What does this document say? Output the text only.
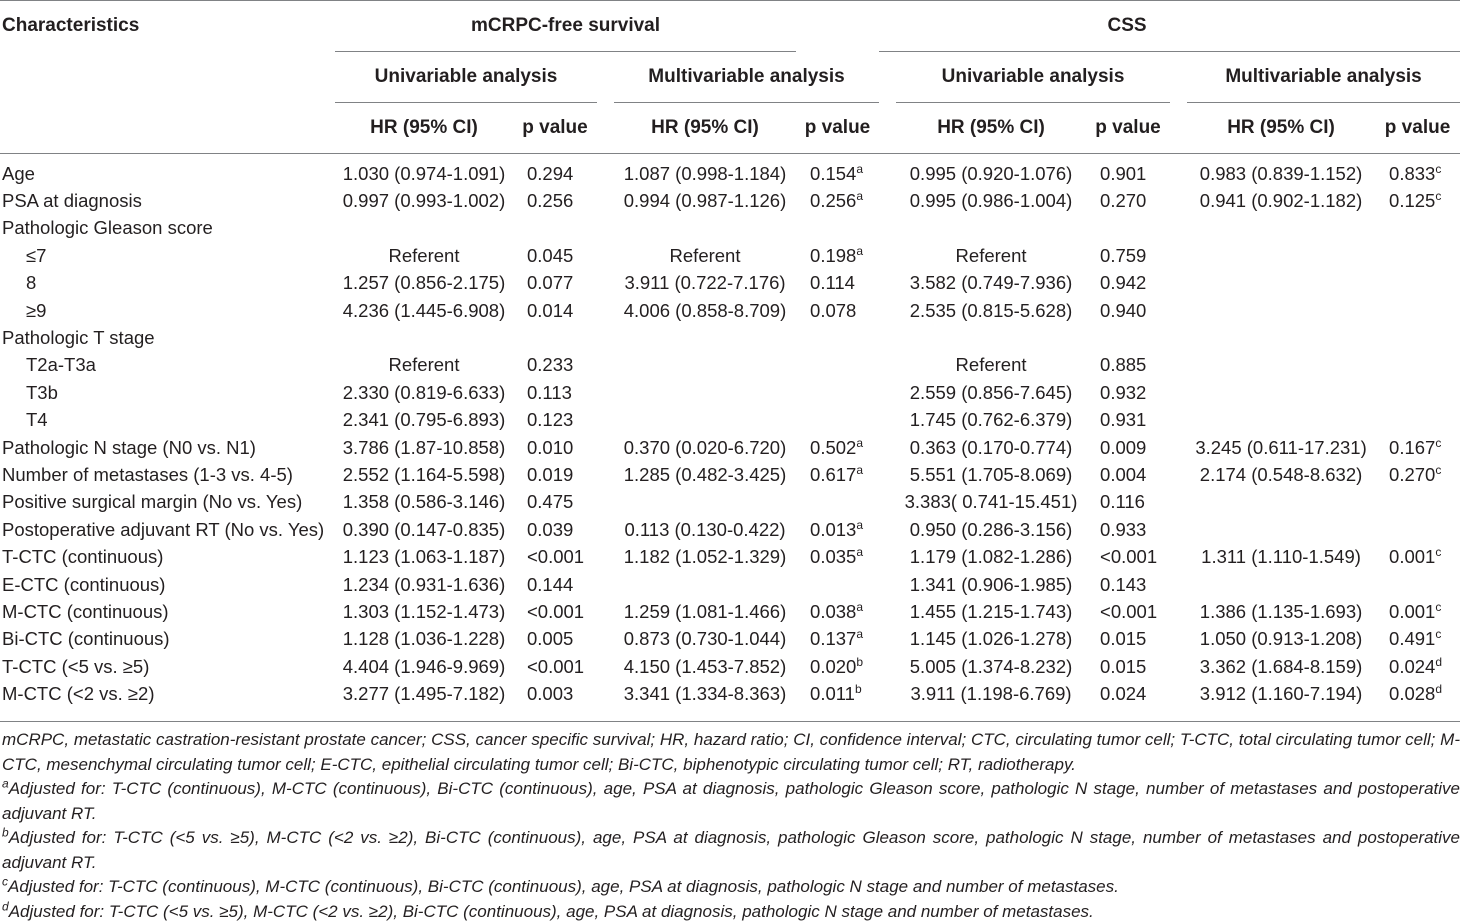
Characteristics		mCRPC-free survival					CSS					
		Univariable analysis			Multivariable analysis			Univariable analysis			Multivariable analysis	
		HR (95% CI)	p value		HR (95% CI)	p value		HR (95% CI)	p value		HR (95% CI)	p value
Age		1.030 (0.974-1.091)	0.294		1.087 (0.998-1.184)	0.154$^a$		0.995 (0.920-1.076)	0.901		0.983 (0.839-1.152)	0.833$^c$
PSA at diagnosis		0.997 (0.993-1.002)	0.256		0.994 (0.987-1.126)	0.256$^a$		0.995 (0.986-1.004)	0.270		0.941 (0.902-1.182)	0.125$^c$
Pathologic Gleason score												
≤7		Referent	0.045		Referent	0.198$^a$		Referent	0.759			
8		1.257 (0.856-2.175)	0.077		3.911 (0.722-7.176)	0.114		3.582 (0.749-7.936)	0.942			
≥9		4.236 (1.445-6.908)	0.014		4.006 (0.858-8.709)	0.078		2.535 (0.815-5.628)	0.940			
Pathologic T stage												
T2a-T3a		Referent	0.233					Referent	0.885			
T3b		2.330 (0.819-6.633)	0.113					2.559 (0.856-7.645)	0.932			
T4		2.341 (0.795-6.893)	0.123					1.745 (0.762-6.379)	0.931			
Pathologic N stage (N0 vs. N1)		3.786 (1.87-10.858)	0.010		0.370 (0.020-6.720)	0.502$^a$		0.363 (0.170-0.774)	0.009		3.245 (0.611-17.231)	0.167$^c$
Number of metastases (1-3 vs. 4-5)		2.552 (1.164-5.598)	0.019		1.285 (0.482-3.425)	0.617$^a$		5.551 (1.705-8.069)	0.004		2.174 (0.548-8.632)	0.270$^c$
Positive surgical margin (No vs. Yes)		1.358 (0.586-3.146)	0.475					3.383( 0.741-15.451)	0.116			
Postoperative adjuvant RT (No vs. Yes)		0.390 (0.147-0.835)	0.039		0.113 (0.130-0.422)	0.013$^a$		0.950 (0.286-3.156)	0.933			
T-CTC (continuous)		1.123 (1.063-1.187)	<0.001		1.182 (1.052-1.329)	0.035$^a$		1.179 (1.082-1.286)	<0.001		1.311 (1.110-1.549)	0.001$^c$
E-CTC (continuous)		1.234 (0.931-1.636)	0.144					1.341 (0.906-1.985)	0.143			
M-CTC (continuous)		1.303 (1.152-1.473)	<0.001		1.259 (1.081-1.466)	0.038$^a$		1.455 (1.215-1.743)	<0.001		1.386 (1.135-1.693)	0.001$^c$
Bi-CTC (continuous)		1.128 (1.036-1.228)	0.005		0.873 (0.730-1.044)	0.137$^a$		1.145 (1.026-1.278)	0.015		1.050 (0.913-1.208)	0.491$^c$
T-CTC (<5 vs. ≥5)		4.404 (1.946-9.969)	<0.001		4.150 (1.453-7.852)	0.020$^b$		5.005 (1.374-8.232)	0.015		3.362 (1.684-8.159)	0.024$^d$
M-CTC (<2 vs. ≥2)		3.277 (1.495-7.182)	0.003		3.341 (1.334-8.363)	0.011$^b$		3.911 (1.198-6.769)	0.024		3.912 (1.160-7.194)	0.028$^d$

mCRPC, metastatic castration-resistant prostate cancer; CSS, cancer specific survival; HR, hazard ratio; CI, confidence interval; CTC, circulating tumor cell; T-CTC, total circulating tumor cell; M-CTC, mesenchymal circulating tumor cell; E-CTC, epithelial circulating tumor cell; Bi-CTC, biphenotypic circulating tumor cell; RT, radiotherapy.

$^a$Adjusted for: T-CTC (continuous), M-CTC (continuous), Bi-CTC (continuous), age, PSA at diagnosis, pathologic Gleason score, pathologic N stage, number of metastases and postoperative adjuvant RT.

$^b$Adjusted for: T-CTC (<5 vs. ≥5), M-CTC (<2 vs. ≥2), Bi-CTC (continuous), age, PSA at diagnosis, pathologic Gleason score, pathologic N stage, number of metastases and postoperative adjuvant RT.

$^c$Adjusted for: T-CTC (continuous), M-CTC (continuous), Bi-CTC (continuous), age, PSA at diagnosis, pathologic N stage and number of metastases.

$^d$Adjusted for: T-CTC (<5 vs. ≥5), M-CTC (<2 vs. ≥2), Bi-CTC (continuous), age, PSA at diagnosis, pathologic N stage and number of metastases.
